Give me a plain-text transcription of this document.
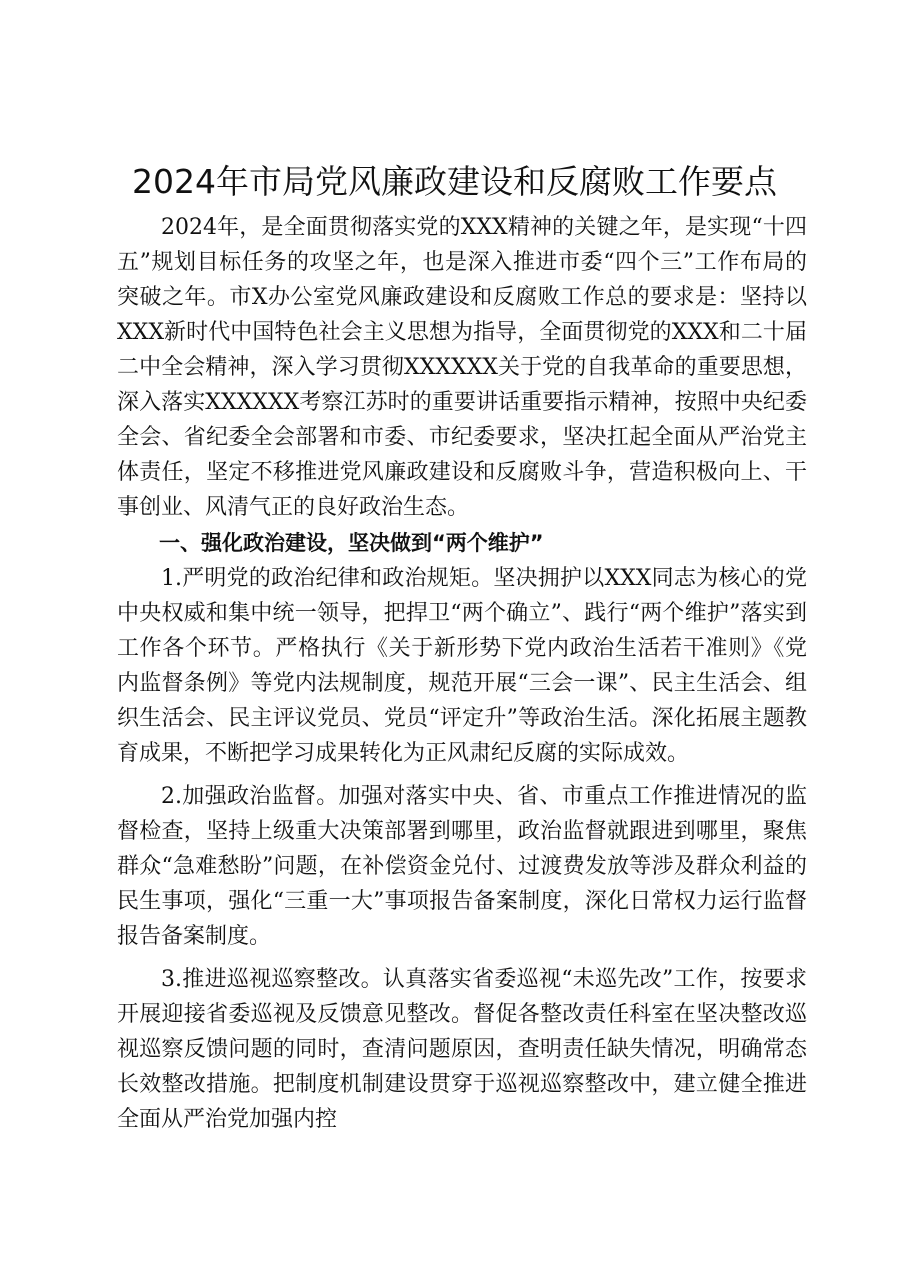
2024年市局党风廉政建设和反腐败工作要点

2024年，是全面贯彻落实党的XXX精神的关键之年，是实现“十四五”规划目标任务的攻坚之年，也是深入推进市委“四个三”工作布局的突破之年。市X办公室党风廉政建设和反腐败工作总的要求是：坚持以XXX新时代中国特色社会主义思想为指导，全面贯彻党的XXX和二十届二中全会精神，深入学习贯彻XXXXXX关于党的自我革命的重要思想，深入落实XXXXXX考察江苏时的重要讲话重要指示精神，按照中央纪委全会、省纪委全会部署和市委、市纪委要求，坚决扛起全面从严治党主体责任，坚定不移推进党风廉政建设和反腐败斗争，营造积极向上、干事创业、风清气正的良好政治生态。

一、强化政治建设，坚决做到“两个维护”

1.严明党的政治纪律和政治规矩。坚决拥护以XXX同志为核心的党中央权威和集中统一领导，把捍卫“两个确立”、践行“两个维护”落实到工作各个环节。严格执行《关于新形势下党内政治生活若干准则》《党内监督条例》等党内法规制度，规范开展“三会一课”、民主生活会、组织生活会、民主评议党员、党员“评定升”等政治生活。深化拓展主题教育成果，不断把学习成果转化为正风肃纪反腐的实际成效。

2.加强政治监督。加强对落实中央、省、市重点工作推进情况的监督检查，坚持上级重大决策部署到哪里，政治监督就跟进到哪里，聚焦群众“急难愁盼”问题，在补偿资金兑付、过渡费发放等涉及群众利益的民生事项，强化“三重一大”事项报告备案制度，深化日常权力运行监督报告备案制度。

3.推进巡视巡察整改。认真落实省委巡视“未巡先改”工作，按要求开展迎接省委巡视及反馈意见整改。督促各整改责任科室在坚决整改巡视巡察反馈问题的同时，查清问题原因，查明责任缺失情况，明确常态长效整改措施。把制度机制建设贯穿于巡视巡察整改中，建立健全推进全面从严治党加强内控
